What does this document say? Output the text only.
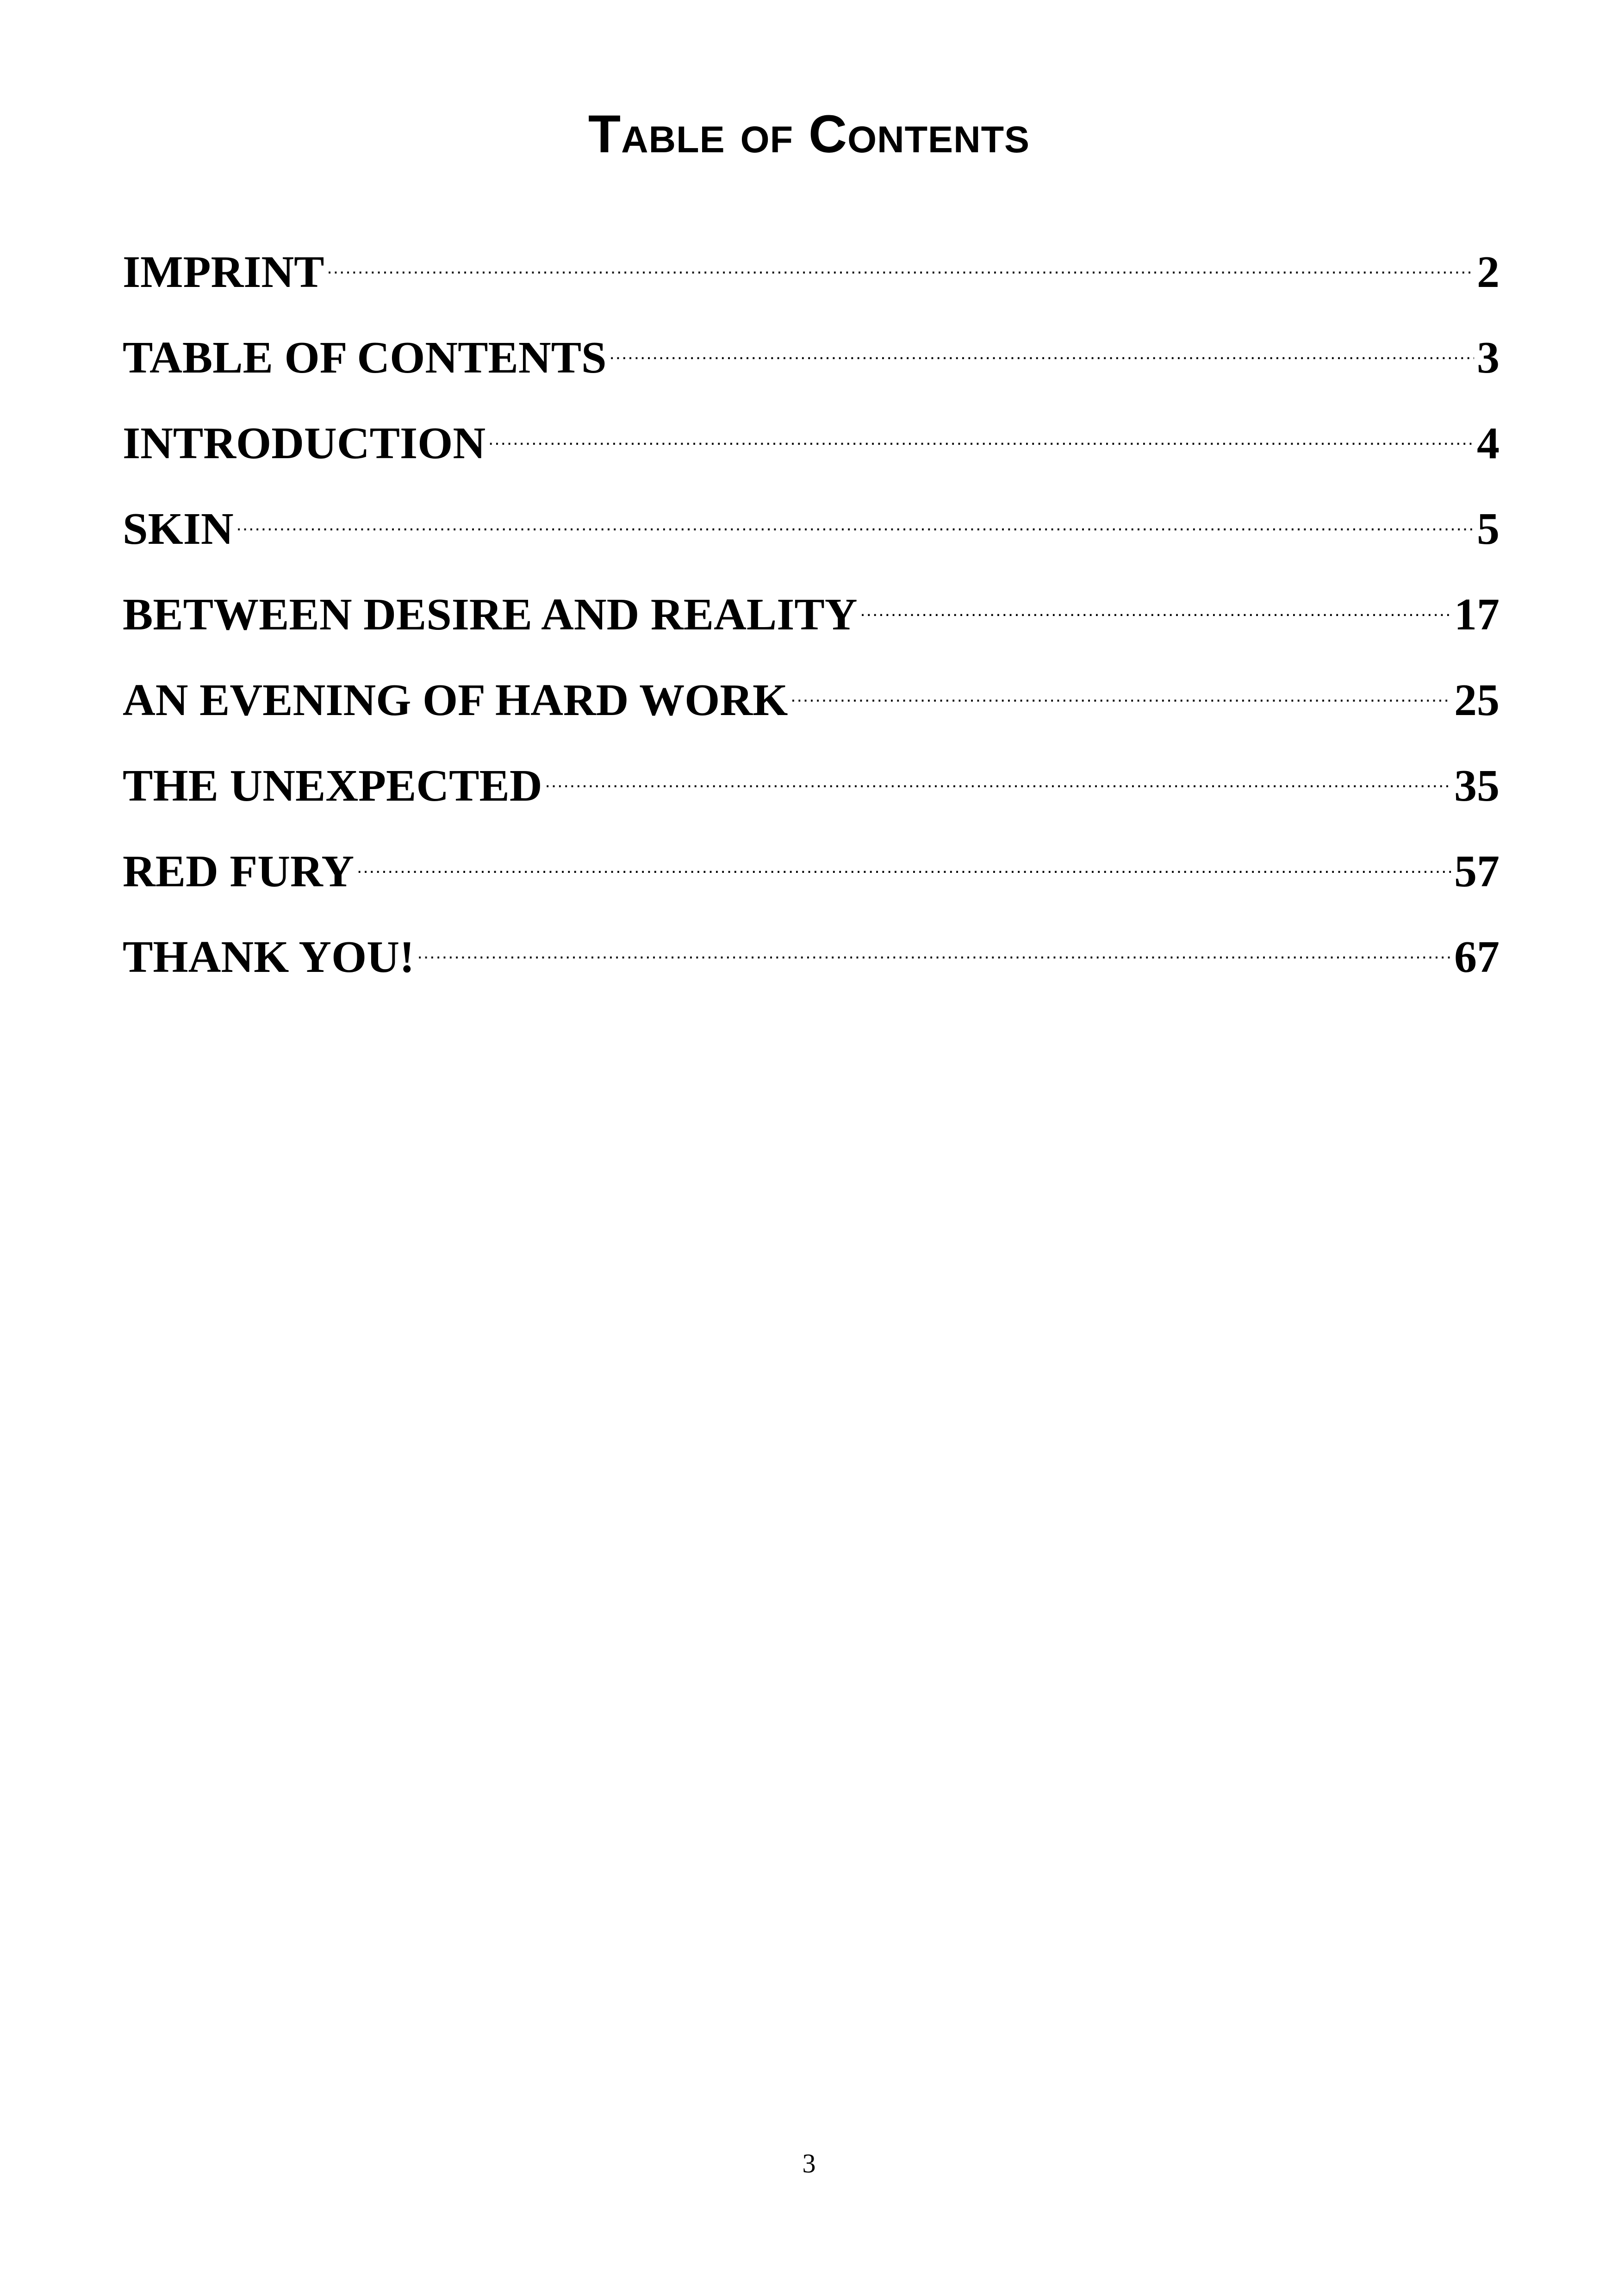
Table of Contents
IMPRINT .....	2
TABLE OF CONTENTS .....	3
INTRODUCTION .....	4
SKIN .....	5
BETWEEN DESIRE AND REALITY .....	17
AN EVENING OF HARD WORK .....	25
THE UNEXPECTED .....	35
RED FURY .....	57
THANK YOU! .....	67
3
